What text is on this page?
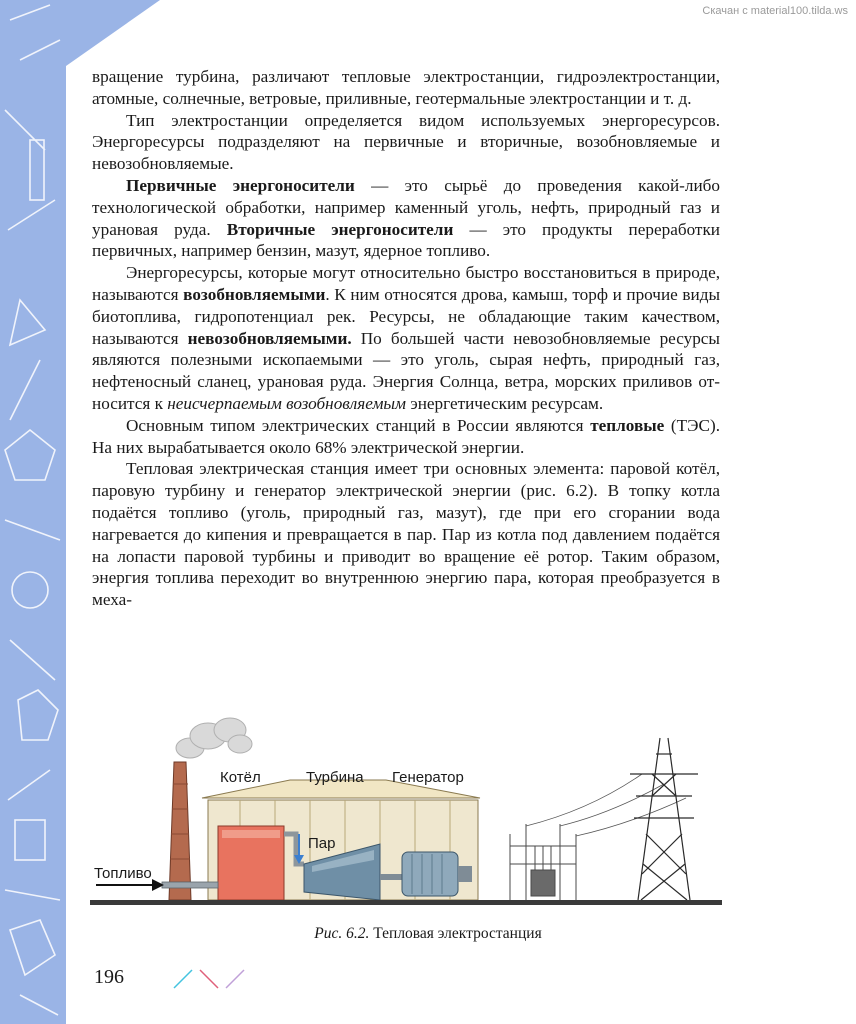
Скачан с material100.tilda.ws

вращение турбина, различают тепловые электростанции, гидроэлектростанции, атомные, солнечные, ветровые, приливные, геотермальные электростанции и т. д.

Тип электростанции определяется видом используемых энергоресурсов. Энергоресурсы подразделяют на первичные и вторичные, возобновляемые и невозобновляемые.

Первичные энергоносители — это сырьё до проведения какой-либо технологической обработки, например каменный уголь, нефть, природный газ и урановая руда. Вторичные энергоносители — это продукты переработки первичных, например бензин, мазут, ядерное топливо.

Энергоресурсы, которые могут относительно быстро восстановиться в природе, называются возобновляемыми. К ним относятся дрова, камыш, торф и прочие виды биотоплива, гидропотенциал рек. Ресурсы, не обладающие таким качеством, называются невозобновляемыми. По большей части невозобновляемые ресурсы являются полезными ископаемыми — это уголь, сырая нефть, природный газ, нефтеносный сланец, урановая руда. Энергия Солнца, ветра, морских приливов относится к неисчерпаемым возобновляемым энергетическим ресурсам.

Основным типом электрических станций в России являются тепловые (ТЭС). На них вырабатывается около 68% электрической энергии.

Тепловая электрическая станция имеет три основных элемента: паровой котёл, паровую турбину и генератор электрической энергии (рис. 6.2). В топку котла подаётся топливо (уголь, природный газ, мазут), где при его сгорании вода нагревается до кипения и превращается в пар. Пар из котла под давлением подаётся на лопасти паровой турбины и приводит во вращение её ротор. Таким образом, энергия топлива переходит во внутреннюю энергию пара, которая преобразуется в меха-

Котёл	Турбина Генератор
Пар
Топливо
Рис. 6.2. Тепловая электростанция
196
